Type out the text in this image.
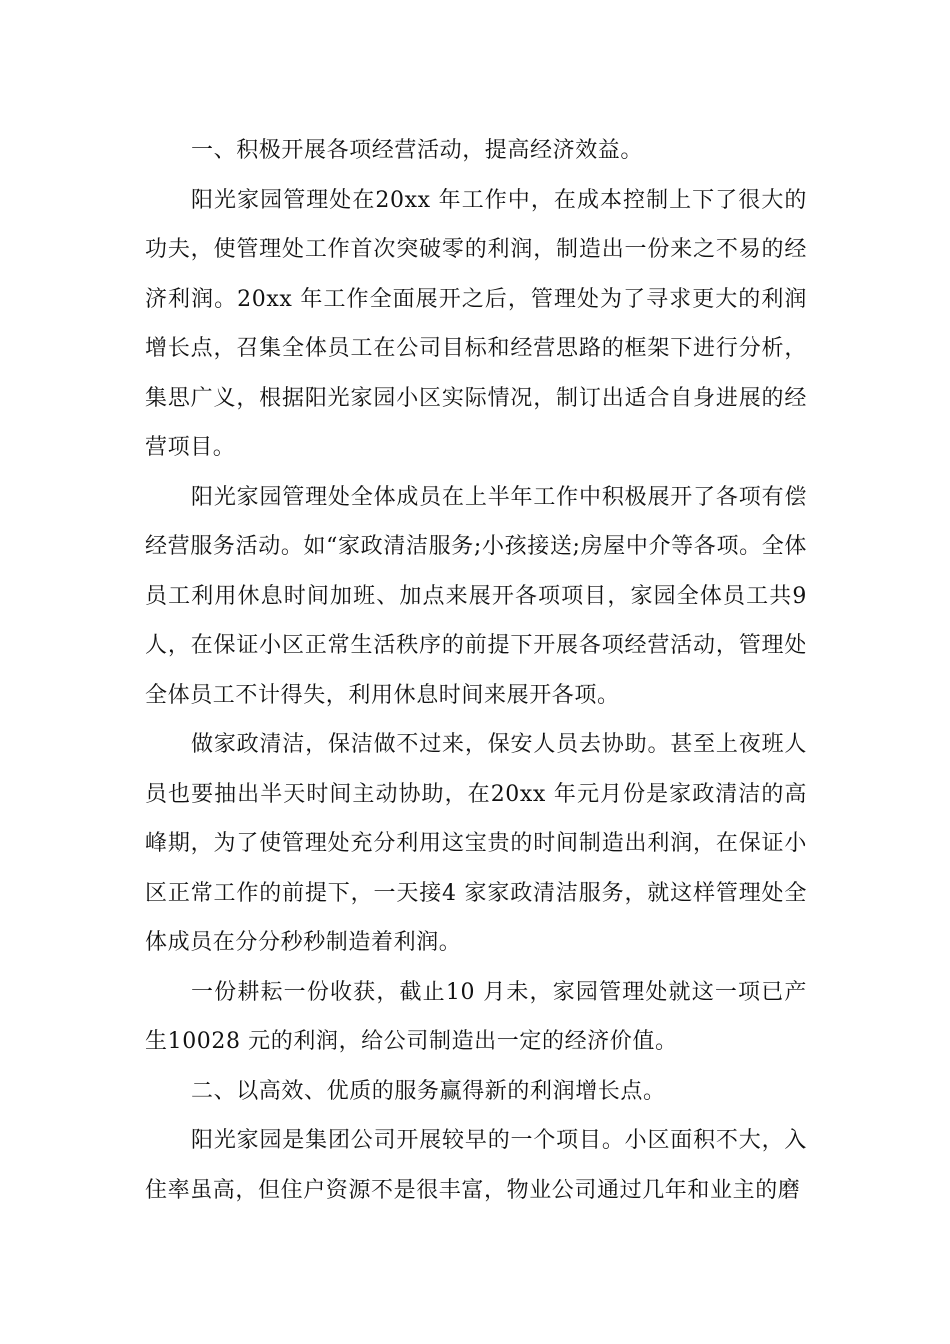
一、积极开展各项经营活动，提高经济效益。

阳光家园管理处在20xx 年工作中，在成本控制上下了很大的功夫，使管理处工作首次突破零的利润，制造出一份来之不易的经济利润。20xx 年工作全面展开之后，管理处为了寻求更大的利润增长点，召集全体员工在公司目标和经营思路的框架下进行分析，集思广义，根据阳光家园小区实际情况，制订出适合自身进展的经营项目。

阳光家园管理处全体成员在上半年工作中积极展开了各项有偿经营服务活动。如“家政清洁服务;小孩接送;房屋中介等各项。全体员工利用休息时间加班、加点来展开各项项目，家园全体员工共9 人，在保证小区正常生活秩序的前提下开展各项经营活动，管理处全体员工不计得失，利用休息时间来展开各项。

做家政清洁，保洁做不过来，保安人员去协助。甚至上夜班人员也要抽出半天时间主动协助，在20xx 年元月份是家政清洁的高峰期，为了使管理处充分利用这宝贵的时间制造出利润，在保证小区正常工作的前提下，一天接4 家家政清洁服务，就这样管理处全体成员在分分秒秒制造着利润。

一份耕耘一份收获，截止10 月未，家园管理处就这一项已产生10028 元的利润，给公司制造出一定的经济价值。

二、以高效、优质的服务赢得新的利润增长点。

阳光家园是集团公司开展较早的一个项目。小区面积不大，入住率虽高，但住户资源不是很丰富，物业公司通过几年和业主的磨
